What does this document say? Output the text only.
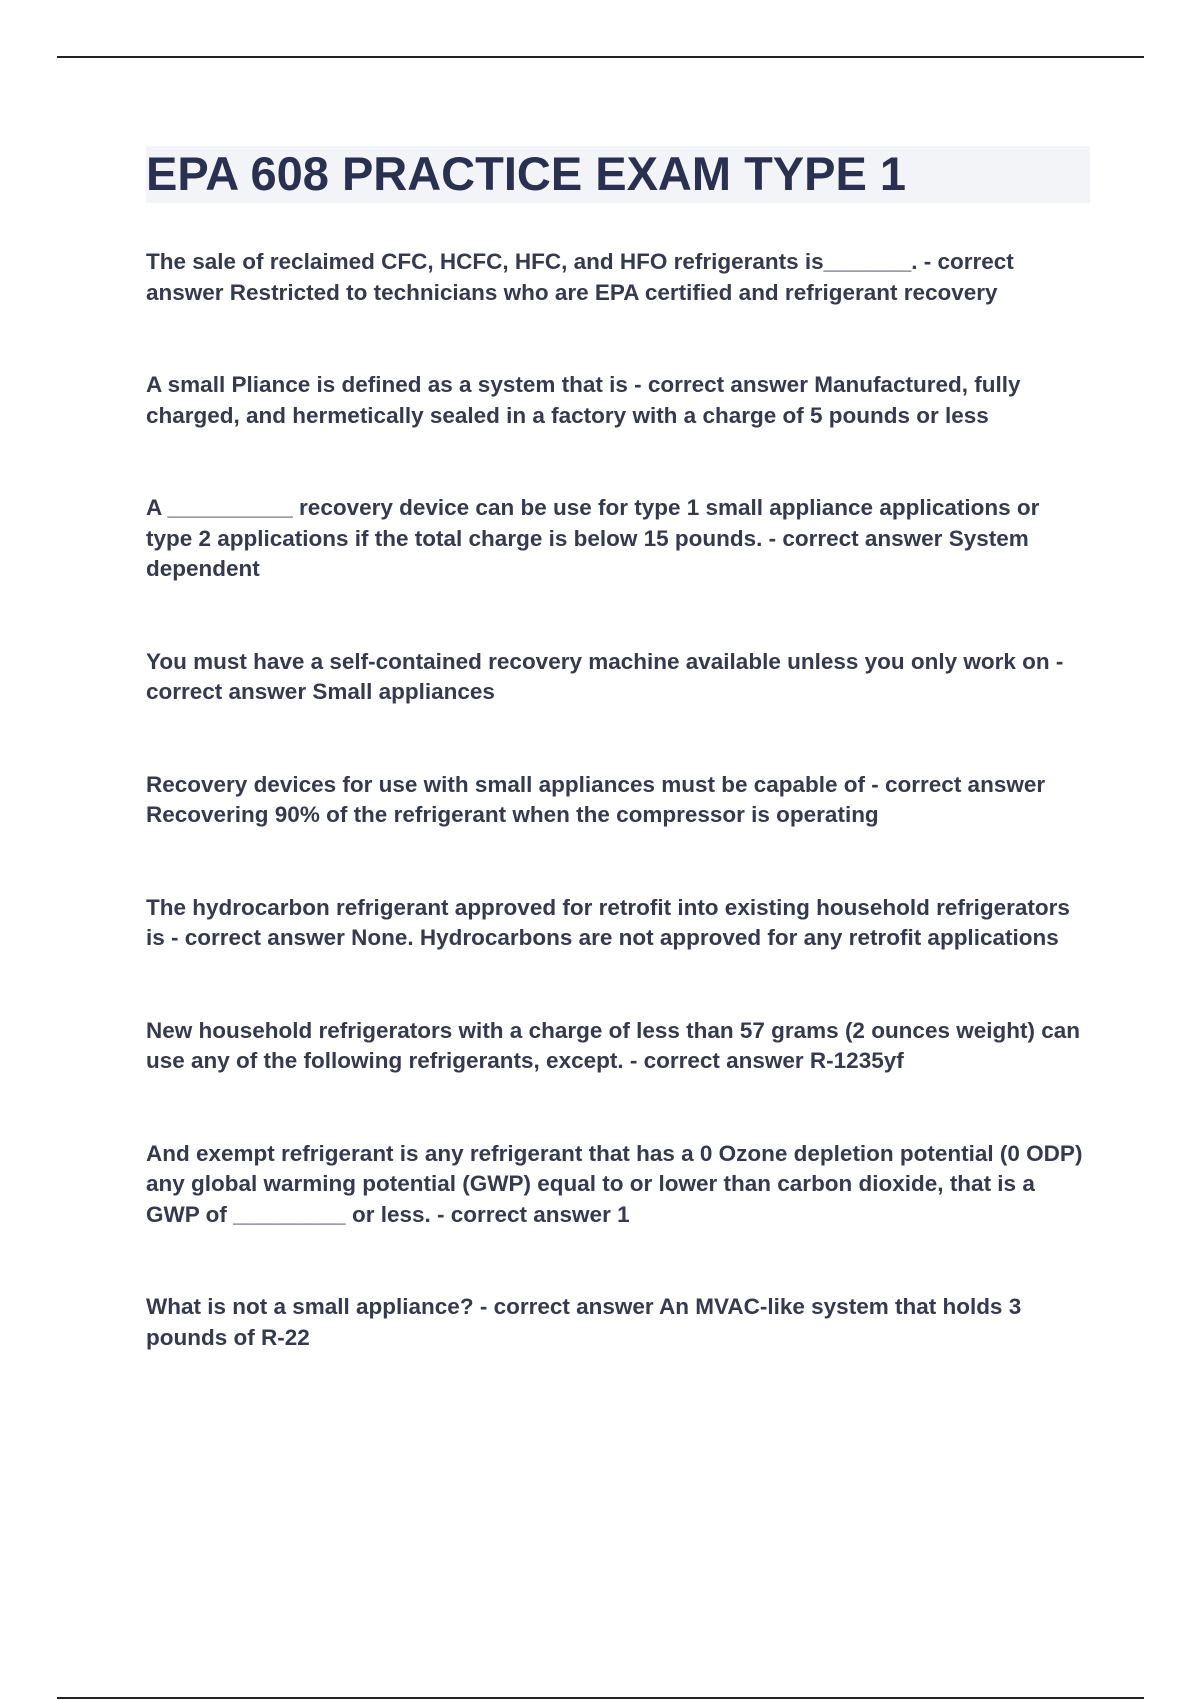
EPA 608 PRACTICE EXAM TYPE 1
The sale of reclaimed CFC, HCFC, HFC, and HFO refrigerants is_______. - correct answer Restricted to technicians who are EPA certified and refrigerant recovery
A small Pliance is defined as a system that is - correct answer Manufactured, fully charged, and hermetically sealed in a factory with a charge of 5 pounds or less
A __________ recovery device can be use for type 1 small appliance applications or type 2 applications if the total charge is below 15 pounds. - correct answer System dependent
You must have a self-contained recovery machine available unless you only work on - correct answer Small appliances
Recovery devices for use with small appliances must be capable of - correct answer Recovering 90% of the refrigerant when the compressor is operating
The hydrocarbon refrigerant approved for retrofit into existing household refrigerators is - correct answer None. Hydrocarbons are not approved for any retrofit applications
New household refrigerators with a charge of less than 57 grams (2 ounces weight) can use any of the following refrigerants, except. - correct answer R-1235yf
And exempt refrigerant is any refrigerant that has a 0 Ozone depletion potential (0 ODP) any global warming potential (GWP) equal to or lower than carbon dioxide, that is a GWP of _________ or less. - correct answer 1
What is not a small appliance? - correct answer An MVAC-like system that holds 3 pounds of R-22
